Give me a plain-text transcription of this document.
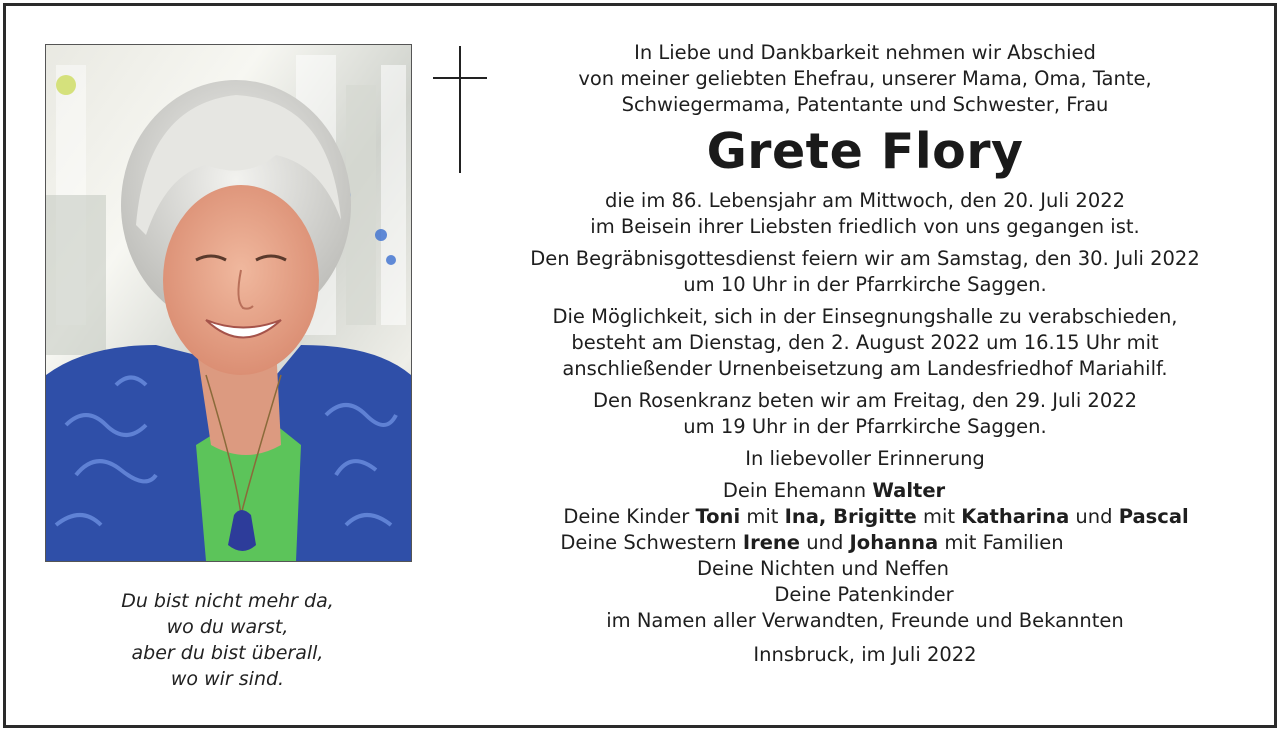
Du bist nicht mehr da,
wo du warst,
aber du bist überall,
wo wir sind.
In Liebe und Dankbarkeit nehmen wir Abschied
von meiner geliebten Ehefrau, unserer Mama, Oma, Tante,
Schwiegermama, Patentante und Schwester, Frau
Grete Flory
die im 86. Lebensjahr am Mittwoch, den 20. Juli 2022
im Beisein ihrer Liebsten friedlich von uns gegangen ist.
Den Begräbnisgottesdienst feiern wir am Samstag, den 30. Juli 2022
um 10 Uhr in der Pfarrkirche Saggen.
Die Möglichkeit, sich in der Einsegnungshalle zu verabschieden,
besteht am Dienstag, den 2. August 2022 um 16.15 Uhr mit
anschließender Urnenbeisetzung am Landesfriedhof Mariahilf.
Den Rosenkranz beten wir am Freitag, den 29. Juli 2022
um 19 Uhr in der Pfarrkirche Saggen.
In liebevoller Erinnerung
Dein Ehemann Walter
Deine Kinder Toni mit Ina, Brigitte mit Katharina und Pascal
Deine Schwestern Irene und Johanna mit Familien
Deine Nichten und Neffen
Deine Patenkinder
im Namen aller Verwandten, Freunde und Bekannten
Innsbruck, im Juli 2022
